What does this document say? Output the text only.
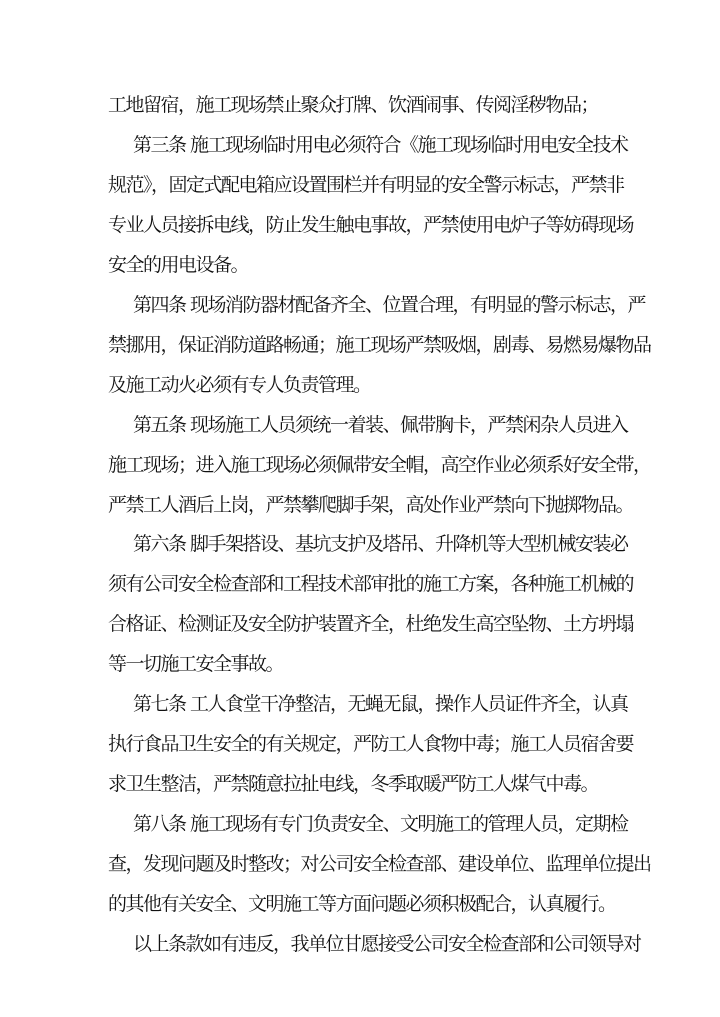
工地留宿，施工现场禁止聚众打牌、饮酒闹事、传阅淫秽物品；
第三条 施工现场临时用电必须符合《施工现场临时用电安全技术
规范》，固定式配电箱应设置围栏并有明显的安全警示标志，严禁非
专业人员接拆电线，防止发生触电事故，严禁使用电炉子等妨碍现场
安全的用电设备。
第四条 现场消防器材配备齐全、位置合理，有明显的警示标志，严
禁挪用，保证消防道路畅通；施工现场严禁吸烟，剧毒、易燃易爆物品
及施工动火必须有专人负责管理。
第五条 现场施工人员须统一着装、佩带胸卡，严禁闲杂人员进入
施工现场；进入施工现场必须佩带安全帽，高空作业必须系好安全带，
严禁工人酒后上岗，严禁攀爬脚手架，高处作业严禁向下抛掷物品。
第六条 脚手架搭设、基坑支护及塔吊、升降机等大型机械安装必
须有公司安全检查部和工程技术部审批的施工方案，各种施工机械的
合格证、检测证及安全防护装置齐全，杜绝发生高空坠物、土方坍塌
等一切施工安全事故。
第七条 工人食堂干净整洁，无蝇无鼠，操作人员证件齐全，认真
执行食品卫生安全的有关规定，严防工人食物中毒；施工人员宿舍要
求卫生整洁，严禁随意拉扯电线，冬季取暖严防工人煤气中毒。
第八条 施工现场有专门负责安全、文明施工的管理人员，定期检
查，发现问题及时整改；对公司安全检查部、建设单位、监理单位提出
的其他有关安全、文明施工等方面问题必须积极配合，认真履行。
以上条款如有违反，我单位甘愿接受公司安全检查部和公司领导对
